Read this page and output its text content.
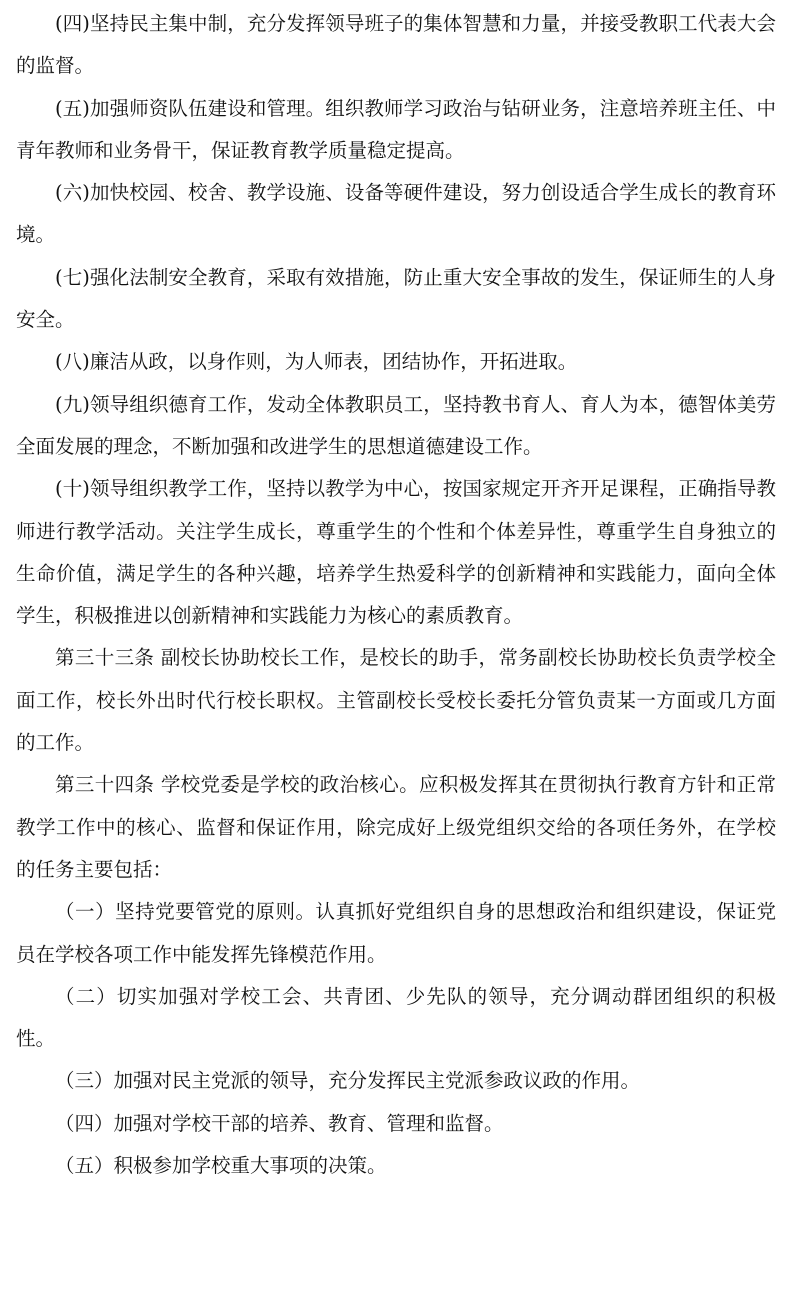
(四)坚持民主集中制，充分发挥领导班子的集体智慧和力量，并接受教职工代表大会的监督。

(五)加强师资队伍建设和管理。组织教师学习政治与钻研业务，注意培养班主任、中青年教师和业务骨干，保证教育教学质量稳定提高。

(六)加快校园、校舍、教学设施、设备等硬件建设，努力创设适合学生成长的教育环境。

(七)强化法制安全教育，采取有效措施，防止重大安全事故的发生，保证师生的人身安全。

(八)廉洁从政，以身作则，为人师表，团结协作，开拓进取。

(九)领导组织德育工作，发动全体教职员工，坚持教书育人、育人为本，德智体美劳全面发展的理念，不断加强和改进学生的思想道德建设工作。

(十)领导组织教学工作，坚持以教学为中心，按国家规定开齐开足课程，正确指导教师进行教学活动。关注学生成长，尊重学生的个性和个体差异性，尊重学生自身独立的生命价值，满足学生的各种兴趣，培养学生热爱科学的创新精神和实践能力，面向全体学生，积极推进以创新精神和实践能力为核心的素质教育。

第三十三条 副校长协助校长工作，是校长的助手，常务副校长协助校长负责学校全面工作，校长外出时代行校长职权。主管副校长受校长委托分管负责某一方面或几方面的工作。

第三十四条 学校党委是学校的政治核心。应积极发挥其在贯彻执行教育方针和正常教学工作中的核心、监督和保证作用，除完成好上级党组织交给的各项任务外，在学校的任务主要包括：

（一）坚持党要管党的原则。认真抓好党组织自身的思想政治和组织建设，保证党员在学校各项工作中能发挥先锋模范作用。

（二）切实加强对学校工会、共青团、少先队的领导，充分调动群团组织的积极性。

（三）加强对民主党派的领导，充分发挥民主党派参政议政的作用。

（四）加强对学校干部的培养、教育、管理和监督。

（五）积极参加学校重大事项的决策。
